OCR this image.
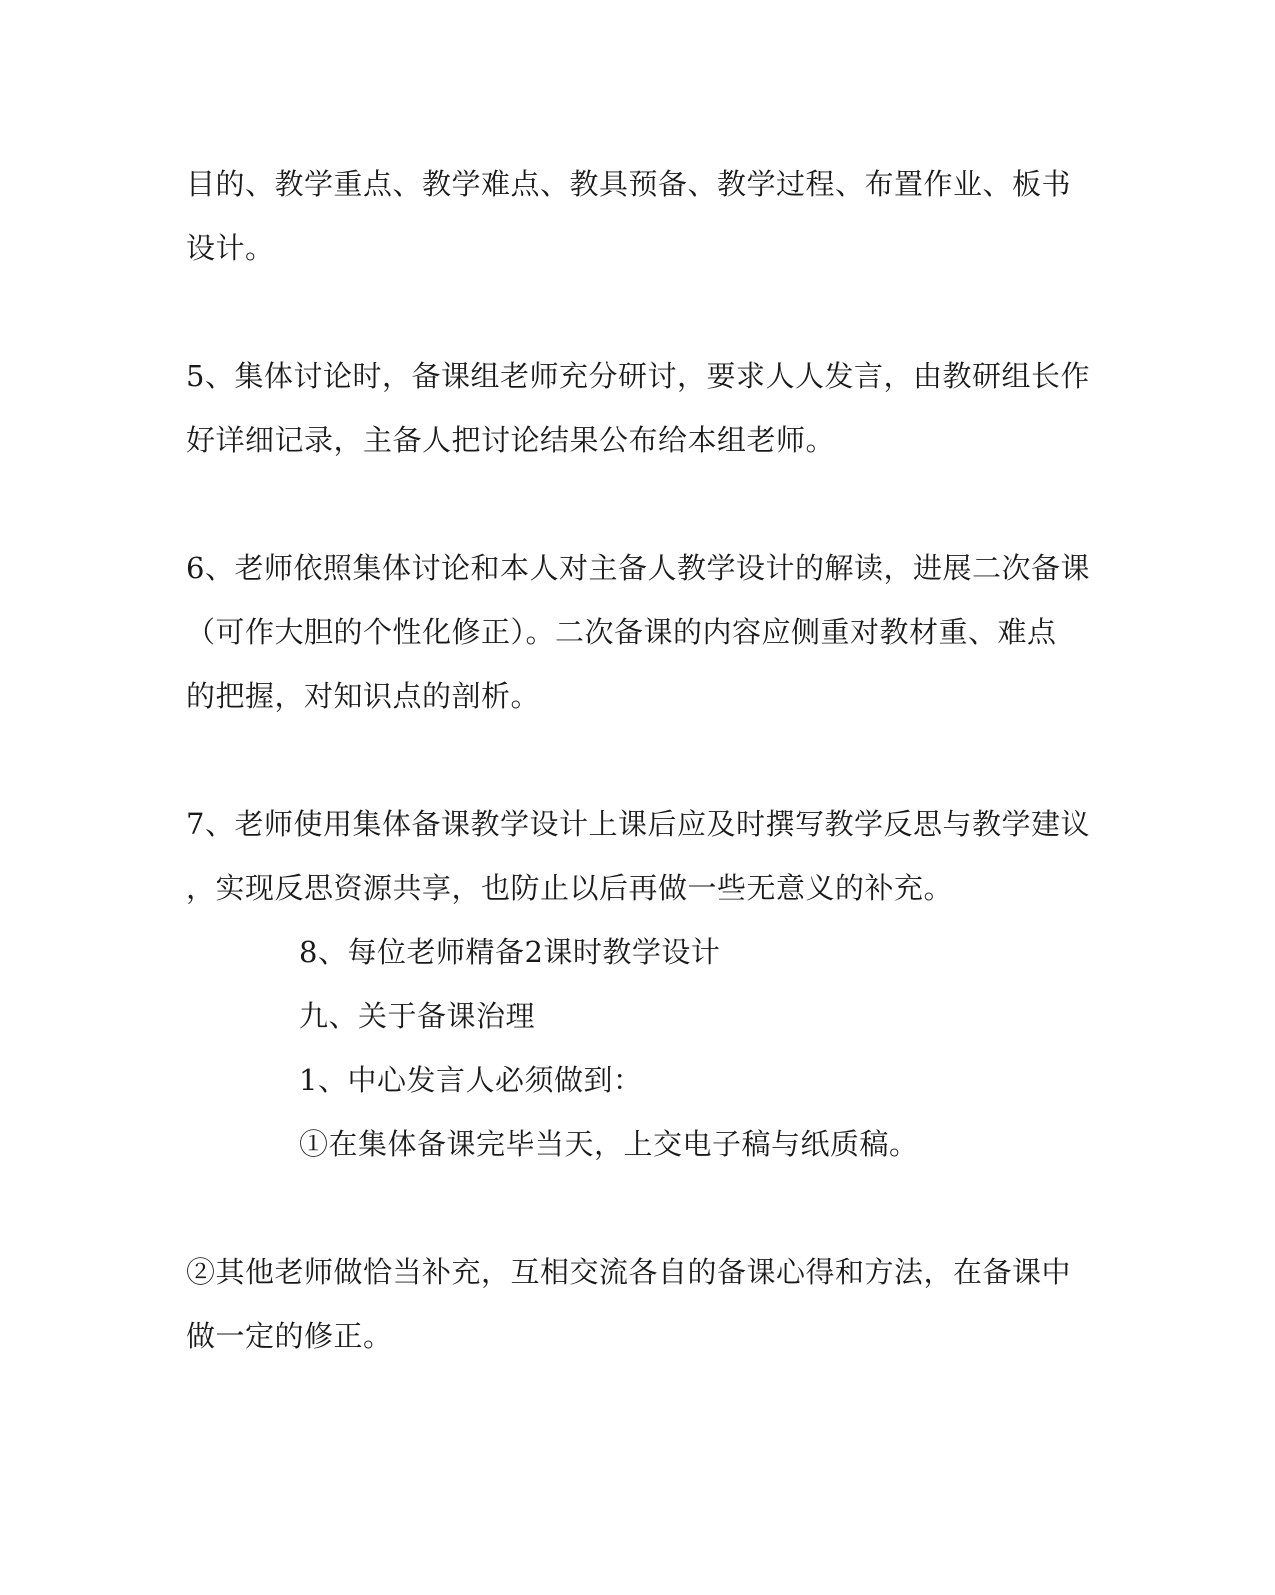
目的、教学重点、教学难点、教具预备、教学过程、布置作业、板书
设计。
5、集体讨论时，备课组老师充分研讨，要求人人发言，由教研组长作
好详细记录，主备人把讨论结果公布给本组老师。
6、老师依照集体讨论和本人对主备人教学设计的解读，进展二次备课
（可作大胆的个性化修正）。二次备课的内容应侧重对教材重、难点
的把握，对知识点的剖析。
7、老师使用集体备课教学设计上课后应及时撰写教学反思与教学建议
，实现反思资源共享，也防止以后再做一些无意义的补充。
8、每位老师精备2课时教学设计
九、关于备课治理
1、中心发言人必须做到：
①在集体备课完毕当天，上交电子稿与纸质稿。
②其他老师做恰当补充，互相交流各自的备课心得和方法，在备课中
做一定的修正。
